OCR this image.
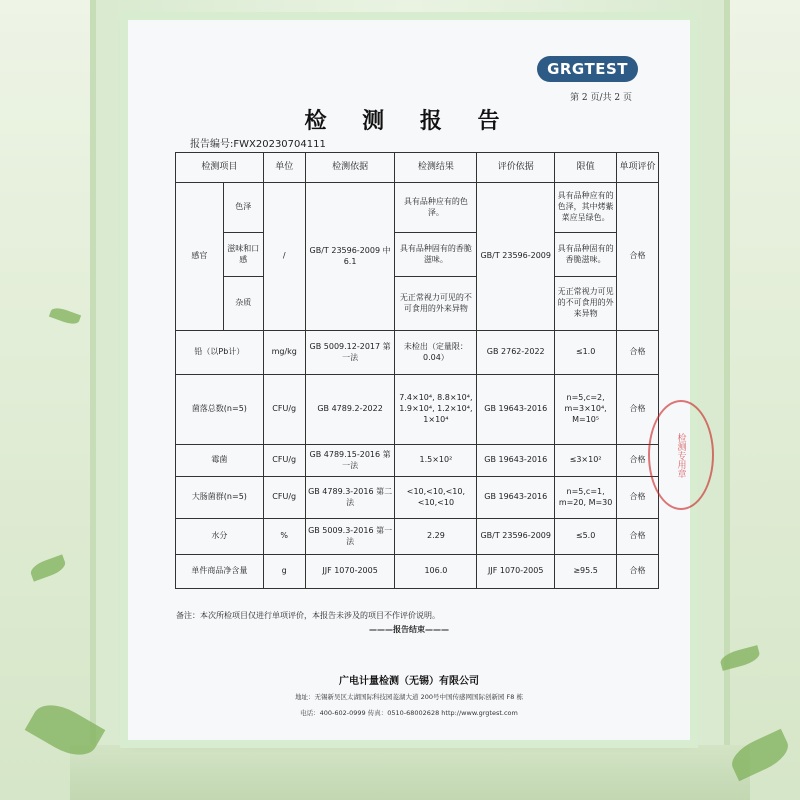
GRGTEST
第 2 页/共 2 页
检 测 报 告
报告编号:FWX20230704111
检测项目		单位	检测依据	检测结果	评价依据	限值	单项评价
感官	色泽	/	GB/T 23596-2009 中 6.1	具有品种应有的色泽。	GB/T 23596-2009	具有品种应有的色泽，其中烤紫菜应呈绿色。	合格
	滋味和口感			具有品种固有的香脆滋味。		具有品种固有的香脆滋味。	
	杂质			无正常视力可见的不可食用的外来异物		无正常视力可见的不可食用的外来异物	
铅（以Pb计）		mg/kg	GB 5009.12-2017 第一法	未检出（定量限：0.04）	GB 2762-2022	≤1.0	合格
菌落总数(n=5)		CFU/g	GB 4789.2-2022	7.4×10⁴, 8.8×10⁴, 1.9×10⁴, 1.2×10⁴, 1×10⁴	GB 19643-2016	n=5,c=2, m=3×10⁴, M=10⁵	合格
霉菌		CFU/g	GB 4789.15-2016 第一法	1.5×10²	GB 19643-2016	≤3×10²	合格
大肠菌群(n=5)		CFU/g	GB 4789.3-2016 第二法	<10,<10,<10, <10,<10	GB 19643-2016	n=5,c=1, m=20, M=30	合格
水分		%	GB 5009.3-2016 第一法	2.29	GB/T 23596-2009	≤5.0	合格
单件商品净含量		g	JJF 1070-2005	106.0	JJF 1070-2005	≥95.5	合格
检测专用章
备注：本次所检项目仅进行单项评价，本报告未涉及的项目不作评价说明。
———报告结束———
广电计量检测（无锡）有限公司
地址：无锡新吴区太湖国际科技园菱湖大道 200号中国传感网国际创新园 F8 栋
电话：400-602-0999 传真：0510-68002628 http://www.grgtest.com
